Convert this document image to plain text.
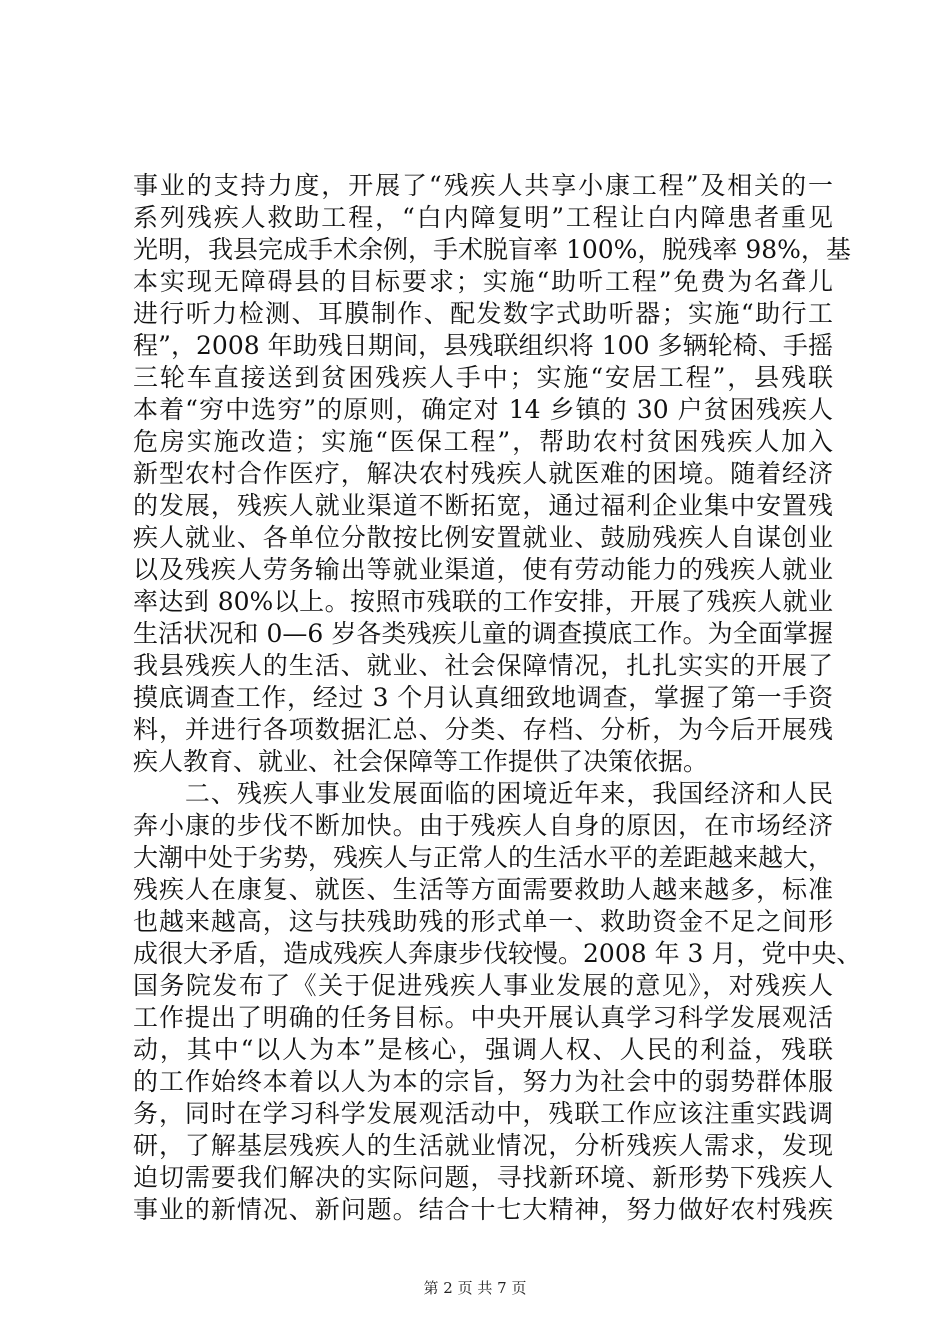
事业的支持力度，开展了“残疾人共享小康工程”及相关的一
系列残疾人救助工程，“白内障复明”工程让白内障患者重见
光明，我县完成手术余例，手术脱盲率 100%，脱残率 98%，基
本实现无障碍县的目标要求；实施“助听工程”免费为名聋儿
进行听力检测、耳膜制作、配发数字式助听器；实施“助行工
程”，2008 年助残日期间，县残联组织将 100 多辆轮椅、手摇
三轮车直接送到贫困残疾人手中；实施“安居工程”，县残联
本着“穷中选穷”的原则，确定对 14 乡镇的 30 户贫困残疾人
危房实施改造；实施“医保工程”，帮助农村贫困残疾人加入
新型农村合作医疗，解决农村残疾人就医难的困境。随着经济
的发展，残疾人就业渠道不断拓宽，通过福利企业集中安置残
疾人就业、各单位分散按比例安置就业、鼓励残疾人自谋创业
以及残疾人劳务输出等就业渠道，使有劳动能力的残疾人就业
率达到 80%以上。按照市残联的工作安排，开展了残疾人就业
生活状况和 0—6 岁各类残疾儿童的调查摸底工作。为全面掌握
我县残疾人的生活、就业、社会保障情况，扎扎实实的开展了
摸底调查工作，经过 3 个月认真细致地调查，掌握了第一手资
料，并进行各项数据汇总、分类、存档、分析，为今后开展残
疾人教育、就业、社会保障等工作提供了决策依据。
　　二、残疾人事业发展面临的困境近年来，我国经济和人民
奔小康的步伐不断加快。由于残疾人自身的原因，在市场经济
大潮中处于劣势，残疾人与正常人的生活水平的差距越来越大，
残疾人在康复、就医、生活等方面需要救助人越来越多，标准
也越来越高，这与扶残助残的形式单一、救助资金不足之间形
成很大矛盾，造成残疾人奔康步伐较慢。2008 年 3 月，党中央、
国务院发布了《关于促进残疾人事业发展的意见》，对残疾人
工作提出了明确的任务目标。中央开展认真学习科学发展观活
动，其中“以人为本”是核心，强调人权、人民的利益，残联
的工作始终本着以人为本的宗旨，努力为社会中的弱势群体服
务，同时在学习科学发展观活动中，残联工作应该注重实践调
研，了解基层残疾人的生活就业情况，分析残疾人需求，发现
迫切需要我们解决的实际问题，寻找新环境、新形势下残疾人
事业的新情况、新问题。结合十七大精神，努力做好农村残疾
第 2 页 共 7 页
